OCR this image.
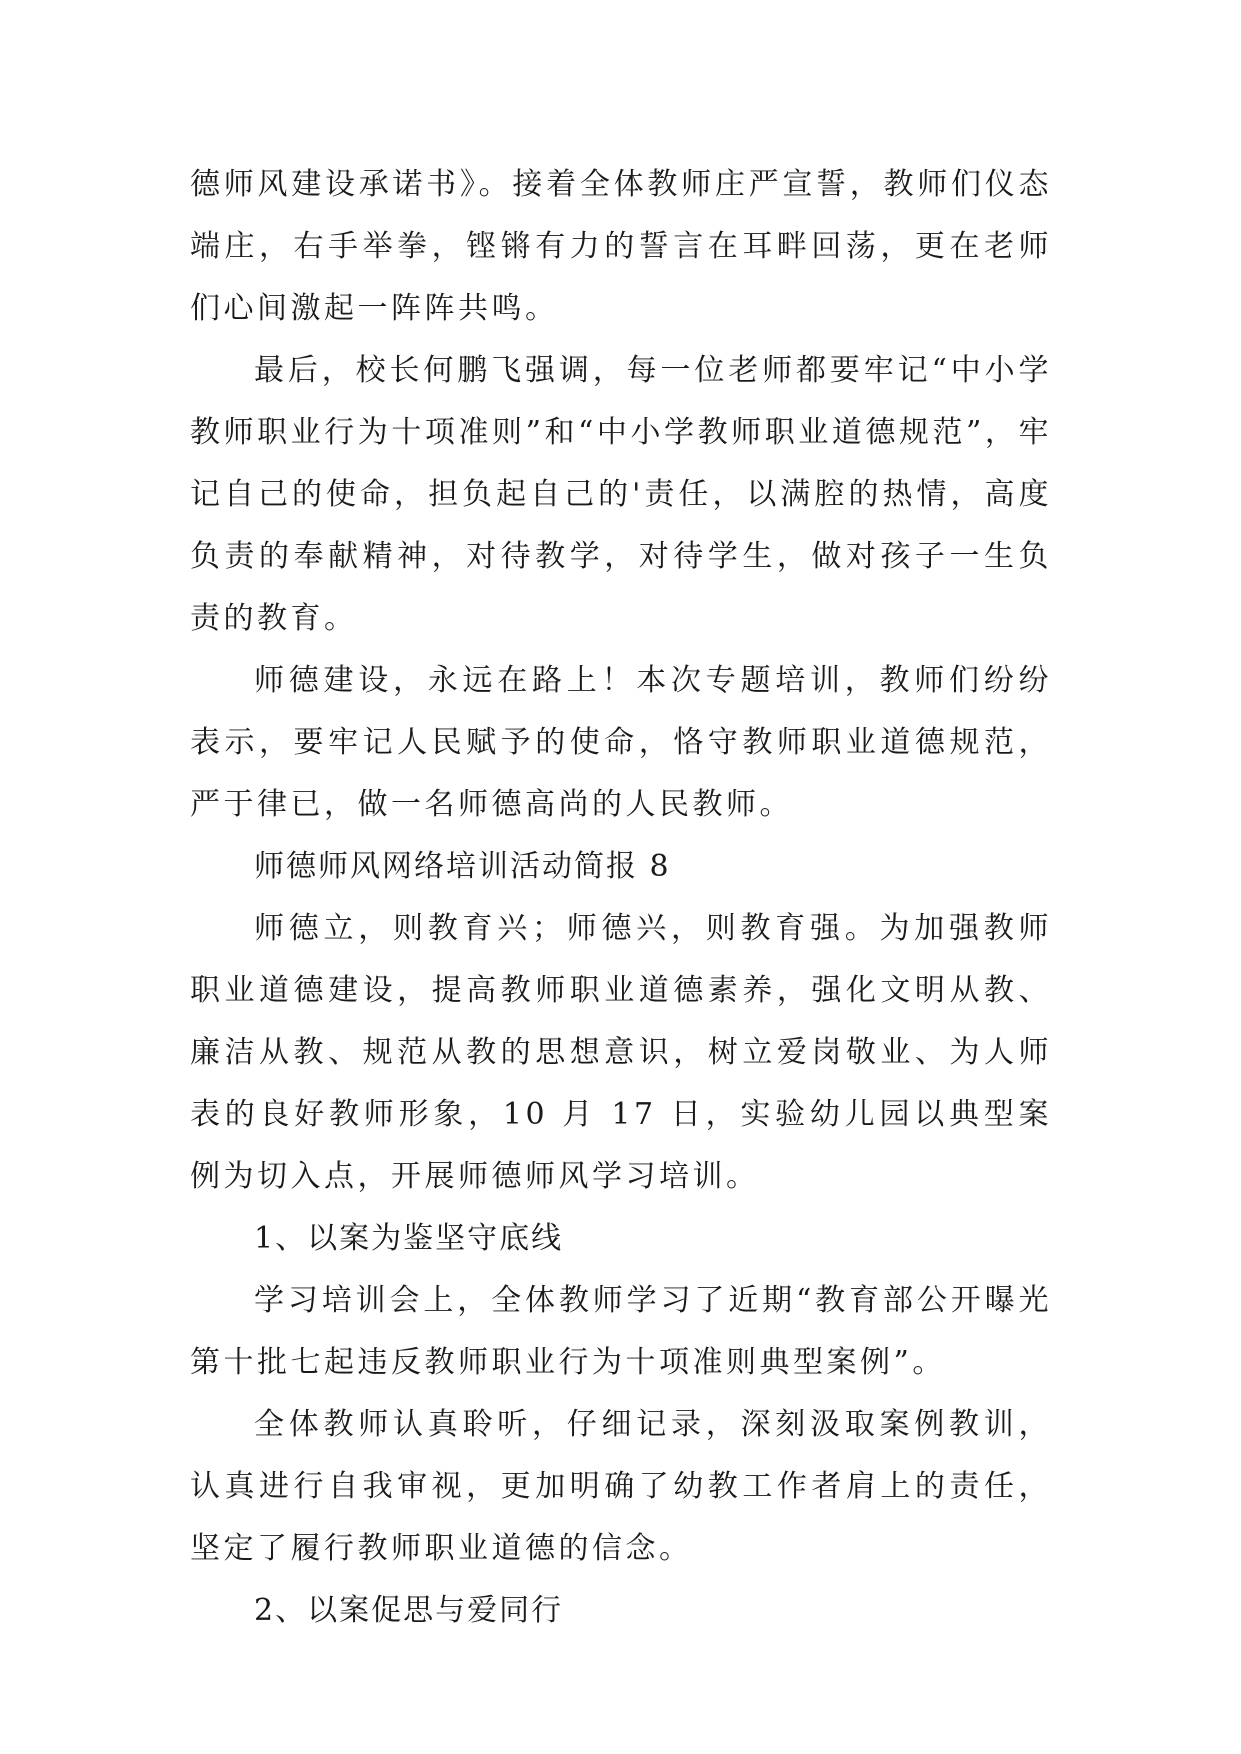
德师风建设承诺书》。接着全体教师庄严宣誓，教师们仪态端庄，右手举拳，铿锵有力的誓言在耳畔回荡，更在老师们心间激起一阵阵共鸣。

最后，校长何鹏飞强调，每一位老师都要牢记“中小学教师职业行为十项准则”和“中小学教师职业道德规范”，牢记自己的使命，担负起自己的'责任，以满腔的热情，高度负责的奉献精神，对待教学，对待学生，做对孩子一生负责的教育。

师德建设，永远在路上！本次专题培训，教师们纷纷表示，要牢记人民赋予的使命，恪守教师职业道德规范，严于律已，做一名师德高尚的人民教师。

师德师风网络培训活动简报 8

师德立，则教育兴；师德兴，则教育强。为加强教师职业道德建设，提高教师职业道德素养，强化文明从教、廉洁从教、规范从教的思想意识，树立爱岗敬业、为人师表的良好教师形象，10 月 17 日，实验幼儿园以典型案例为切入点，开展师德师风学习培训。

1、以案为鉴坚守底线

学习培训会上，全体教师学习了近期“教育部公开曝光第十批七起违反教师职业行为十项准则典型案例”。

全体教师认真聆听，仔细记录，深刻汲取案例教训，认真进行自我审视，更加明确了幼教工作者肩上的责任，坚定了履行教师职业道德的信念。

2、以案促思与爱同行
